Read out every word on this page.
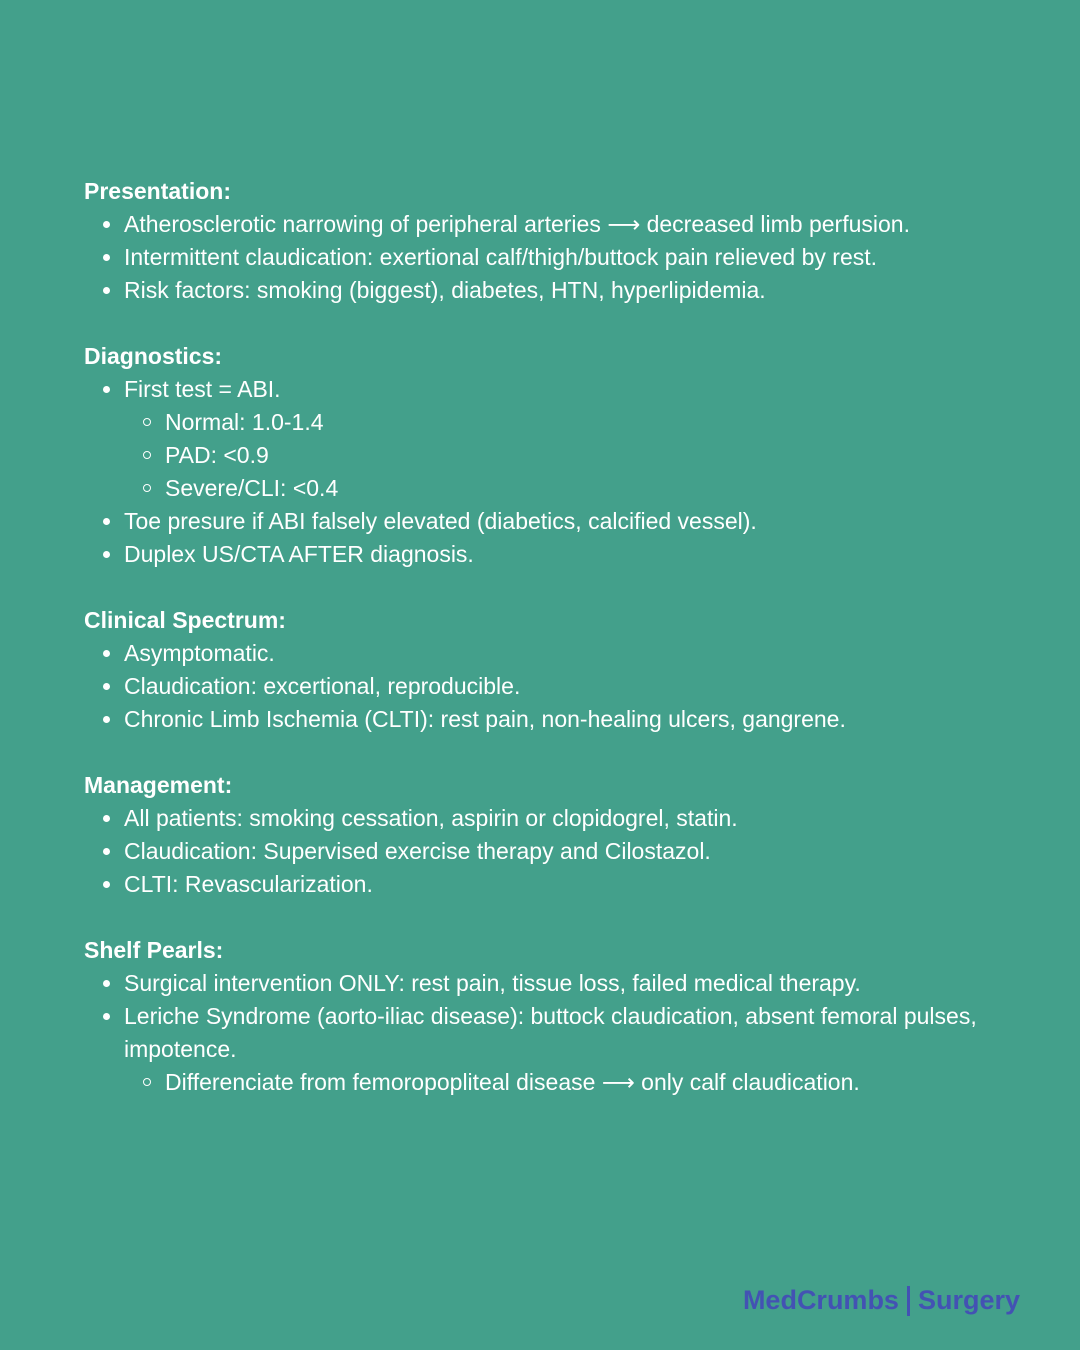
Presentation:
Atherosclerotic narrowing of peripheral arteries ⟶ decreased limb perfusion.
Intermittent claudication: exertional calf/thigh/buttock pain relieved by rest.
Risk factors: smoking (biggest), diabetes, HTN, hyperlipidemia.
Diagnostics:
First test = ABI.
Normal: 1.0-1.4
PAD: <0.9
Severe/CLI: <0.4
Toe presure if ABI falsely elevated (diabetics, calcified vessel).
Duplex US/CTA AFTER diagnosis.
Clinical Spectrum:
Asymptomatic.
Claudication: excertional, reproducible.
Chronic Limb Ischemia (CLTI): rest pain, non-healing ulcers, gangrene.
Management:
All patients: smoking cessation, aspirin or clopidogrel, statin.
Claudication: Supervised exercise therapy and Cilostazol.
CLTI: Revascularization.
Shelf Pearls:
Surgical intervention ONLY: rest pain, tissue loss, failed medical therapy.
Leriche Syndrome (aorto-iliac disease): buttock claudication, absent femoral pulses, impotence.
Differenciate from femoropopliteal disease ⟶ only calf claudication.
MedCrumbs Surgery
